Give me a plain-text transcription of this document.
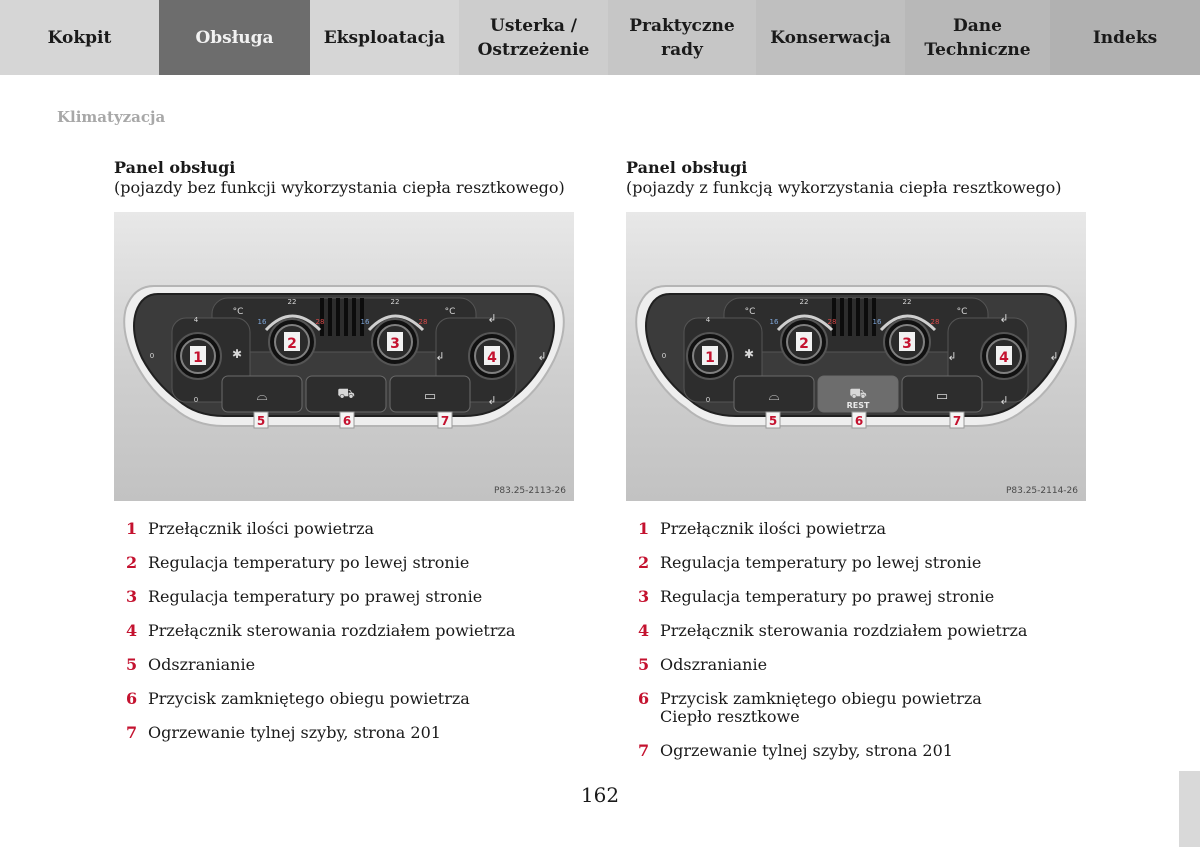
Kokpit	Obsługa	Eksploatacja
Usterka /
Ostrzeżenie
Praktyczne
rady
Konserwacja
Dane
Techniczne
Indeks
Klimatyzacja
Panel obsługi
(pojazdy bez funkcji wykorzystania ciepła resztkowego)
°C	°C
22
16	28
22
16	28
4
0
0
✱
↲
↲	↲
↲
1
2	3
4
⌓	⛟	▭
5	6	7
P83.25-2113-26
1 Przełącznik ilości powietrza
2 Regulacja temperatury po lewej stronie
3 Regulacja temperatury po prawej stronie
4 Przełącznik sterowania rozdziałem powietrza
5 Odszranianie
6 Przycisk zamkniętego obiegu powietrza
7 Ogrzewanie tylnej szyby, strona 201
Panel obsługi
(pojazdy z funkcją wykorzystania ciepła resztkowego)
°C	°C
22
16	28
22
16	28
4
0
0
✱
↲
↲	↲
↲
1
2	3
4
⌓	⛟
REST
▭
5	6	7
P83.25-2114-26
1 Przełącznik ilości powietrza
2 Regulacja temperatury po lewej stronie
3 Regulacja temperatury po prawej stronie
4 Przełącznik sterowania rozdziałem powietrza
5 Odszranianie
6 Przycisk zamkniętego obiegu powietrza
Ciepło resztkowe
7 Ogrzewanie tylnej szyby, strona 201
162
